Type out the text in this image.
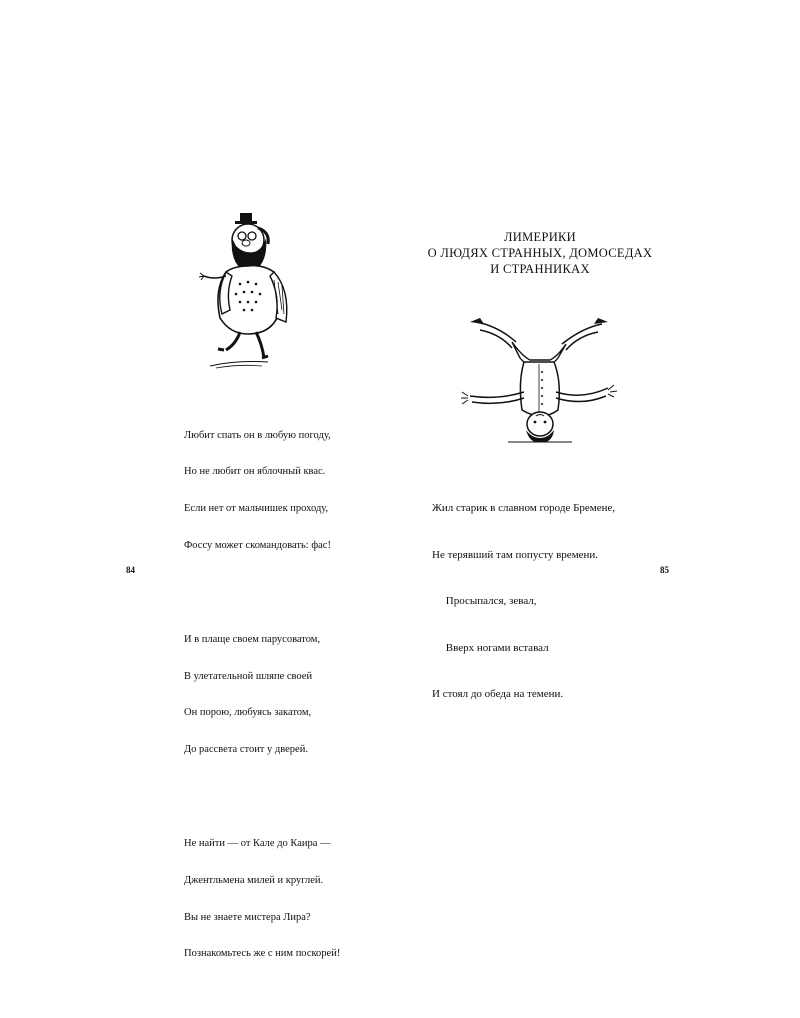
Любит спать он в любую погоду,

Но не любит он яблочный квас.

Если нет от мальчишек проходу,

Фоссу может скомандовать: фас!

И в плаще своем парусоватом,

В улетательной шляпе своей

Он порою, любуясь закатом,

До рассвета стоит у дверей.

Не найти — от Кале до Каира —

Джентльмена милей и круглей.

Вы не знаете мистера Лира?

Познакомьтесь же с ним поскорей!

84
ЛИМЕРИКИ
О ЛЮДЯХ СТРАННЫХ, ДОМОСЕДАХ
И СТРАННИКАХ

Жил старик в славном городе Бремене,

Не терявший там попусту времени.

Просыпался, зевал,

Вверх ногами вставал

И стоял до обеда на темени.

85
